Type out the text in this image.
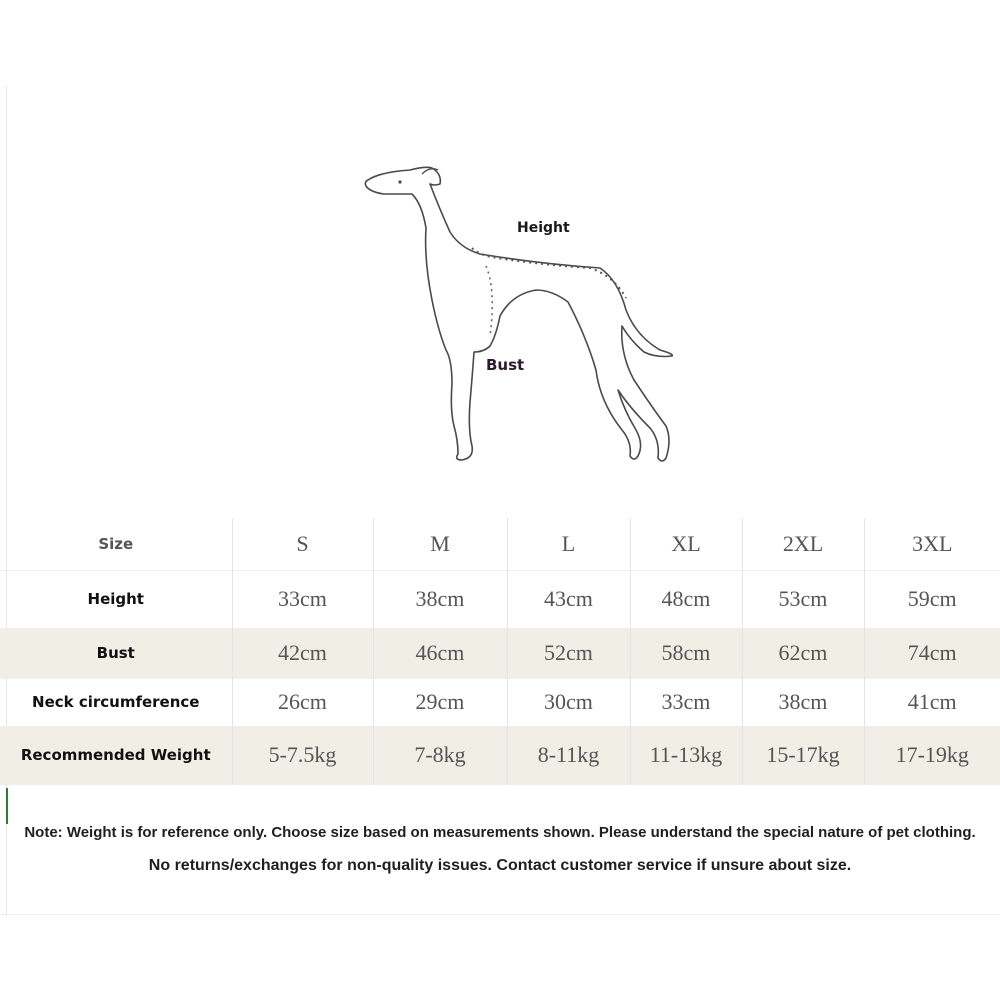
Height
Bust
Size	S	M	L	XL	2XL	3XL
Height	33cm	38cm	43cm	48cm	53cm	59cm
Bust	42cm	46cm	52cm	58cm	62cm	74cm
Neck circumference	26cm	29cm	30cm	33cm	38cm	41cm
Recommended Weight	5-7.5kg	7-8kg	8-11kg	11-13kg	15-17kg	17-19kg
Note: Weight is for reference only. Choose size based on measurements shown. Please understand the special nature of pet clothing.
No returns/exchanges for non-quality issues. Contact customer service if unsure about size.
